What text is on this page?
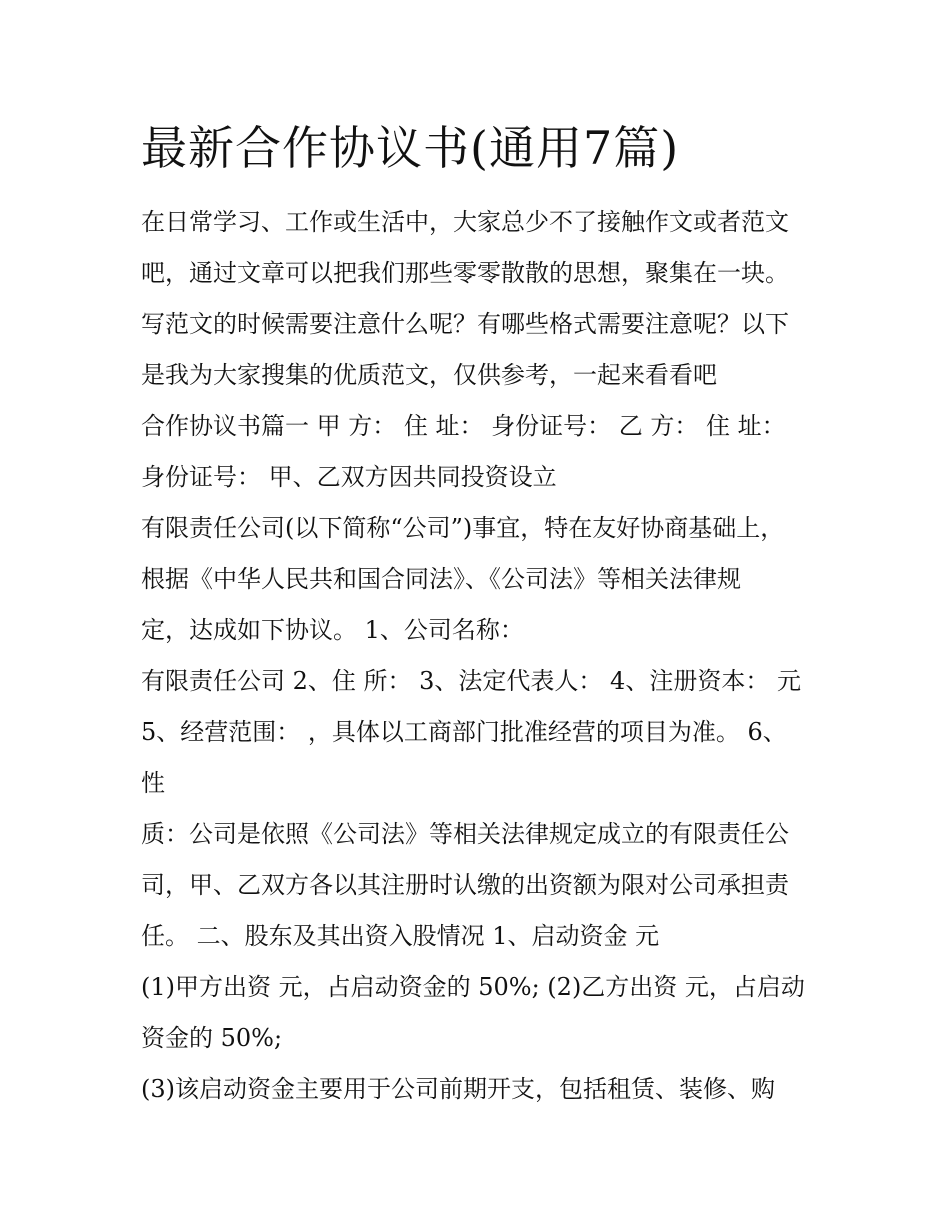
最新合作协议书(通用7篇)
在日常学习、工作或生活中，大家总少不了接触作文或者范文
吧，通过文章可以把我们那些零零散散的思想，聚集在一块。
写范文的时候需要注意什么呢？有哪些格式需要注意呢？以下
是我为大家搜集的优质范文，仅供参考，一起来看看吧
合作协议书篇一 甲 方： 住 址： 身份证号： 乙 方： 住 址：
身份证号： 甲、乙双方因共同投资设立
有限责任公司(以下简称“公司”)事宜，特在友好协商基础上，
根据《中华人民共和国合同法》、《公司法》等相关法律规
定，达成如下协议。 1、公司名称：
有限责任公司 2、住 所： 3、法定代表人： 4、注册资本： 元
5、经营范围： ，具体以工商部门批准经营的项目为准。 6、
性
质：公司是依照《公司法》等相关法律规定成立的有限责任公
司，甲、乙双方各以其注册时认缴的出资额为限对公司承担责
任。 二、股东及其出资入股情况 1、启动资金 元
(1)甲方出资 元，占启动资金的 50%; (2)乙方出资 元，占启动
资金的 50%;
(3)该启动资金主要用于公司前期开支，包括租赁、装修、购
